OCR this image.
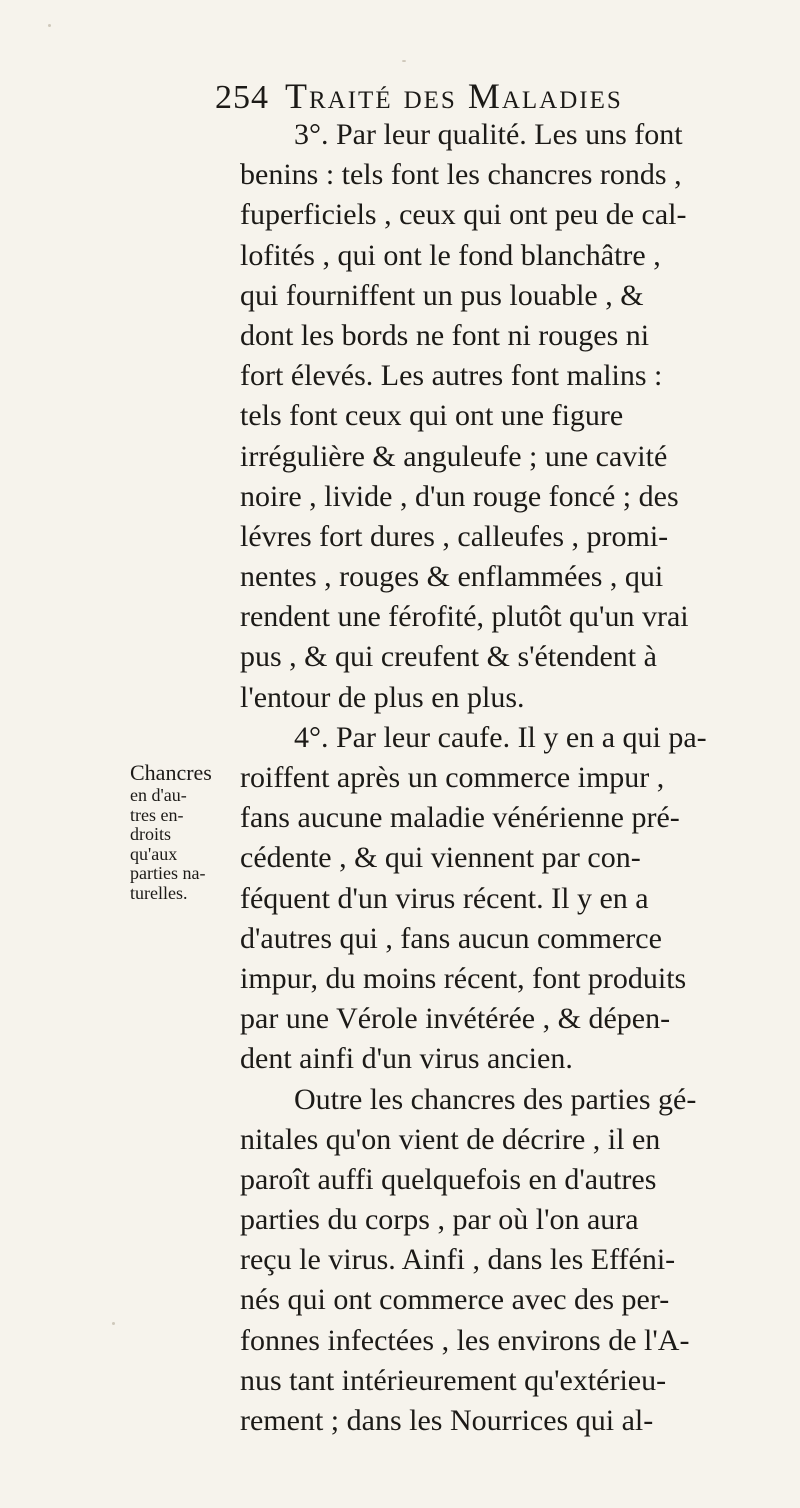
254 Traité des Maladies
3°. Par leur qualité. Les uns font
benins : tels font les chancres ronds ,
fuperficiels , ceux qui ont peu de cal-
lofités , qui ont le fond blanchâtre ,
qui fourniffent un pus louable , &
dont les bords ne font ni rouges ni
fort élevés. Les autres font malins :
tels font ceux qui ont une figure
irrégulière & anguleufe ; une cavité
noire , livide , d'un rouge foncé ; des
lévres fort dures , calleufes , promi-
nentes , rouges & enflammées , qui
rendent une férofité, plutôt qu'un vrai
pus , & qui creufent & s'étendent à
l'entour de plus en plus.
4°. Par leur caufe. Il y en a qui pa-
roiffent après un commerce impur ,
fans aucune maladie vénérienne pré-
cédente , & qui viennent par con-
féquent d'un virus récent. Il y en a
d'autres qui , fans aucun commerce
impur, du moins récent, font produits
par une Vérole invétérée , & dépen-
dent ainfi d'un virus ancien.
Outre les chancres des parties gé-
nitales qu'on vient de décrire , il en
paroît auffi quelquefois en d'autres
parties du corps , par où l'on aura
reçu le virus. Ainfi , dans les Efféni-
nés qui ont commerce avec des per-
fonnes infectées , les environs de l'A-
nus tant intérieurement qu'extérieu-
rement ; dans les Nourrices qui al-
Chancres
en d'au-
tres en-
droits
qu'aux
parties na-
turelles.
